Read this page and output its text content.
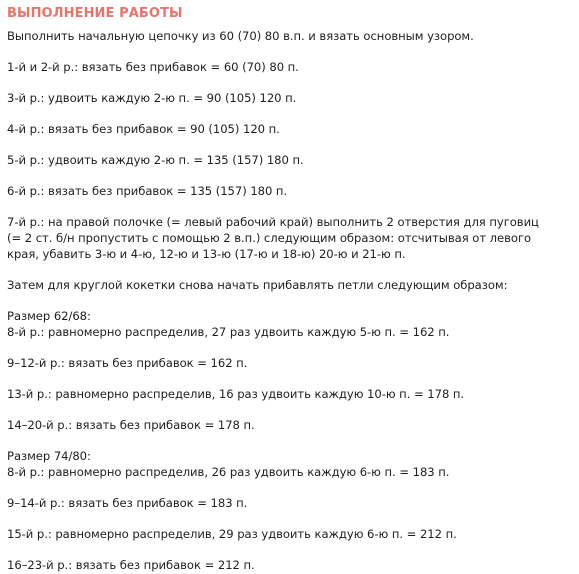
ВЫПОЛНЕНИЕ РАБОТЫ

Выполнить начальную цепочку из 60 (70) 80 в.п. и вязать основным узором.

1-й и 2-й р.: вязать без прибавок = 60 (70) 80 п.

3-й р.: удвоить каждую 2-ю п. = 90 (105) 120 п.

4-й р.: вязать без прибавок = 90 (105) 120 п.

5-й р.: удвоить каждую 2-ю п. = 135 (157) 180 п.

6-й р.: вязать без прибавок = 135 (157) 180 п.

7-й р.: на правой полочке (= левый рабочий край) выполнить 2 отверстия для пуговиц

(= 2 ст. б/н пропустить с помощью 2 в.п.) следующим образом: отсчитывая от левого

края, убавить 3-ю и 4-ю, 12-ю и 13-ю (17-ю и 18-ю) 20-ю и 21-ю п.

Затем для круглой кокетки снова начать прибавлять петли следующим образом:

Размер 62/68:

8-й р.: равномерно распределив, 27 раз удвоить каждую 5-ю п. = 162 п.

9–12-й р.: вязать без прибавок = 162 п.

13-й р.: равномерно распределив, 16 раз удвоить каждую 10-ю п. = 178 п.

14–20-й р.: вязать без прибавок = 178 п.

Размер 74/80:

8-й р.: равномерно распределив, 26 раз удвоить каждую 6-ю п. = 183 п.

9–14-й р.: вязать без прибавок = 183 п.

15-й р.: равномерно распределив, 29 раз удвоить каждую 6-ю п. = 212 п.

16–23-й р.: вязать без прибавок = 212 п.
